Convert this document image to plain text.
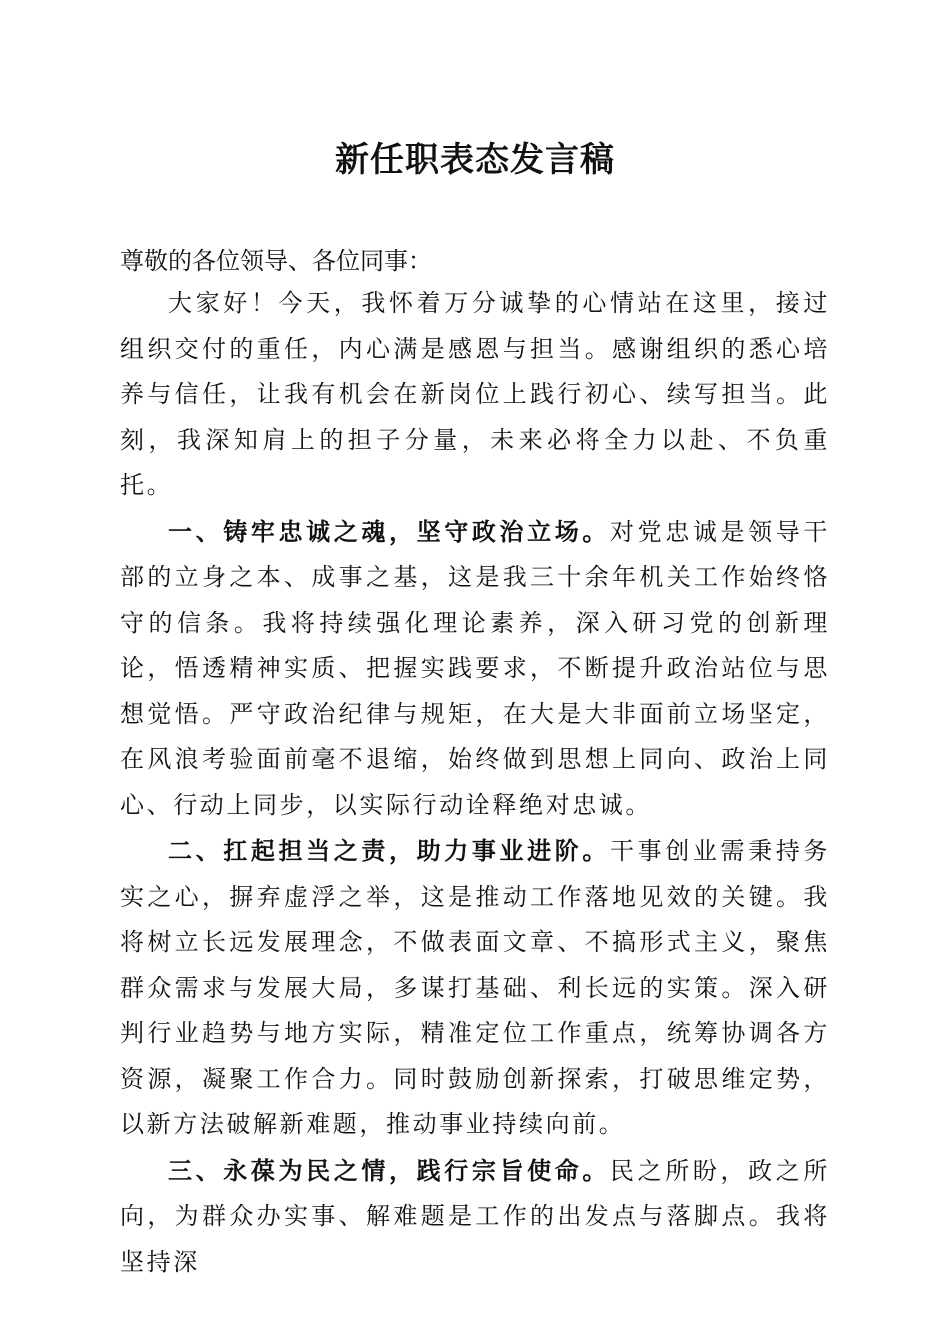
新任职表态发言稿
尊敬的各位领导、各位同事：

大家好！今天，我怀着万分诚挚的心情站在这里，接过组织交付的重任，内心满是感恩与担当。感谢组织的悉心培养与信任，让我有机会在新岗位上践行初心、续写担当。此刻，我深知肩上的担子分量，未来必将全力以赴、不负重托。

一、铸牢忠诚之魂，坚守政治立场。对党忠诚是领导干部的立身之本、成事之基，这是我三十余年机关工作始终恪守的信条。我将持续强化理论素养，深入研习党的创新理论，悟透精神实质、把握实践要求，不断提升政治站位与思想觉悟。严守政治纪律与规矩，在大是大非面前立场坚定，在风浪考验面前毫不退缩，始终做到思想上同向、政治上同心、行动上同步，以实际行动诠释绝对忠诚。

二、扛起担当之责，助力事业进阶。干事创业需秉持务实之心，摒弃虚浮之举，这是推动工作落地见效的关键。我将树立长远发展理念，不做表面文章、不搞形式主义，聚焦群众需求与发展大局，多谋打基础、利长远的实策。深入研判行业趋势与地方实际，精准定位工作重点，统筹协调各方资源，凝聚工作合力。同时鼓励创新探索，打破思维定势，以新方法破解新难题，推动事业持续向前。

三、永葆为民之情，践行宗旨使命。民之所盼，政之所向，为群众办实事、解难题是工作的出发点与落脚点。我将坚持深
